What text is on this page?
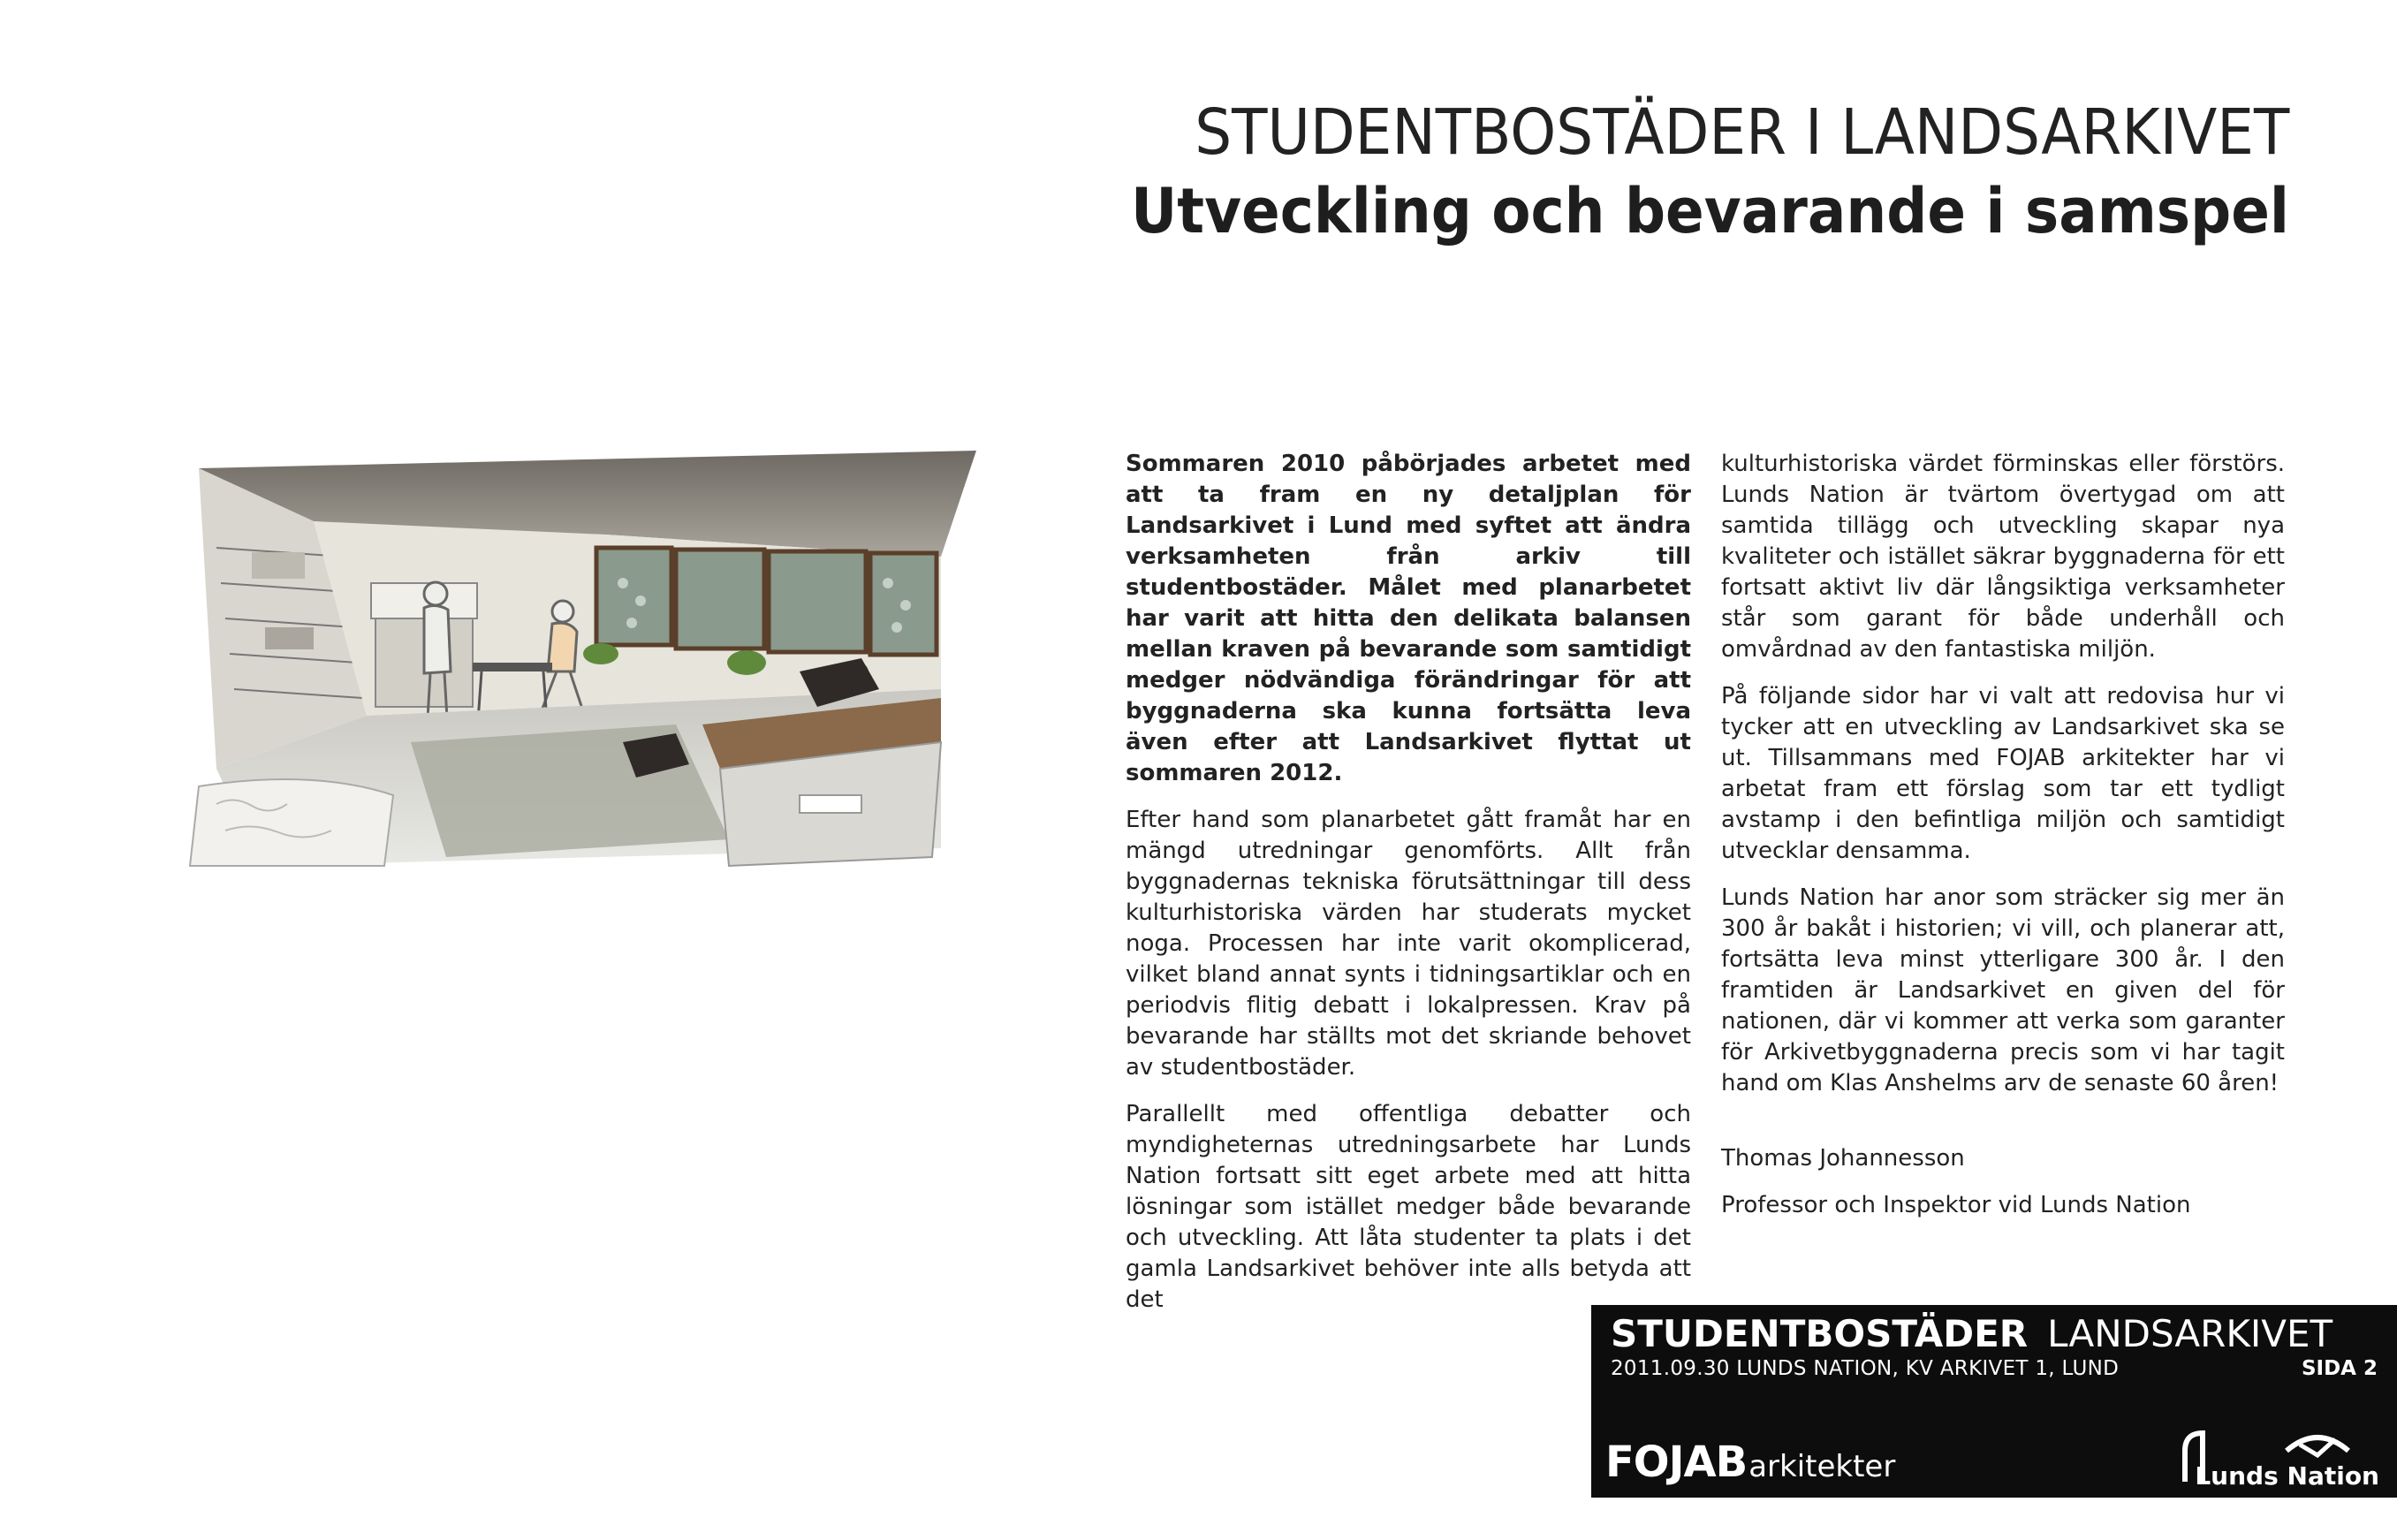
STUDENTBOSTÄDER I LANDSARKIVET
Utveckling och bevarande i samspel

Sommaren 2010 påbörjades arbetet med att ta fram en ny detaljplan för Landsarkivet i Lund med syftet att ändra verksamheten från arkiv till studentbostäder. Målet med planarbetet har varit att hitta den delikata balansen mellan kraven på bevarande som samtidigt medger nödvändiga förändringar för att byggnaderna ska kunna fortsätta leva även efter att Landsarkivet flyttat ut sommaren 2012.

Efter hand som planarbetet gått framåt har en mängd utredningar genomförts. Allt från byggnadernas tekniska förutsättningar till dess kulturhistoriska värden har studerats mycket noga. Processen har inte varit okomplicerad, vilket bland annat synts i tidningsartiklar och en periodvis flitig debatt i lokalpressen. Krav på bevarande har ställts mot det skriande behovet av studentbostäder.

Parallellt med offentliga debatter och myndigheternas utredningsarbete har Lunds Nation fortsatt sitt eget arbete med att hitta lösningar som istället medger både bevarande och utveckling. Att låta studenter ta plats i det gamla Landsarkivet behöver inte alls betyda att det

kulturhistoriska värdet förminskas eller förstörs. Lunds Nation är tvärtom övertygad om att samtida tillägg och utveckling skapar nya kvaliteter och istället säkrar byggnaderna för ett fortsatt aktivt liv där långsiktiga verksamheter står som garant för både underhåll och omvårdnad av den fantastiska miljön.

På följande sidor har vi valt att redovisa hur vi tycker att en utveckling av Landsarkivet ska se ut. Tillsammans med FOJAB arkitekter har vi arbetat fram ett förslag som tar ett tydligt avstamp i den befintliga miljön och samtidigt utvecklar densamma.

Lunds Nation har anor som sträcker sig mer än 300 år bakåt i historien; vi vill, och planerar att, fortsätta leva minst ytterligare 300 år. I den framtiden är Landsarkivet en given del för nationen, där vi kommer att verka som garanter för Arkivetbyggnaderna precis som vi har tagit hand om Klas Anshelms arv de senaste 60 åren!

Thomas Johannesson
Professor och Inspektor vid Lunds Nation
STUDENTBOSTÄDER LANDSARKIVET
2011.09.30 LUNDS NATION, KV ARKIVET 1, LUND	SIDA 2
FOJABarkitekter	Lunds Nation
